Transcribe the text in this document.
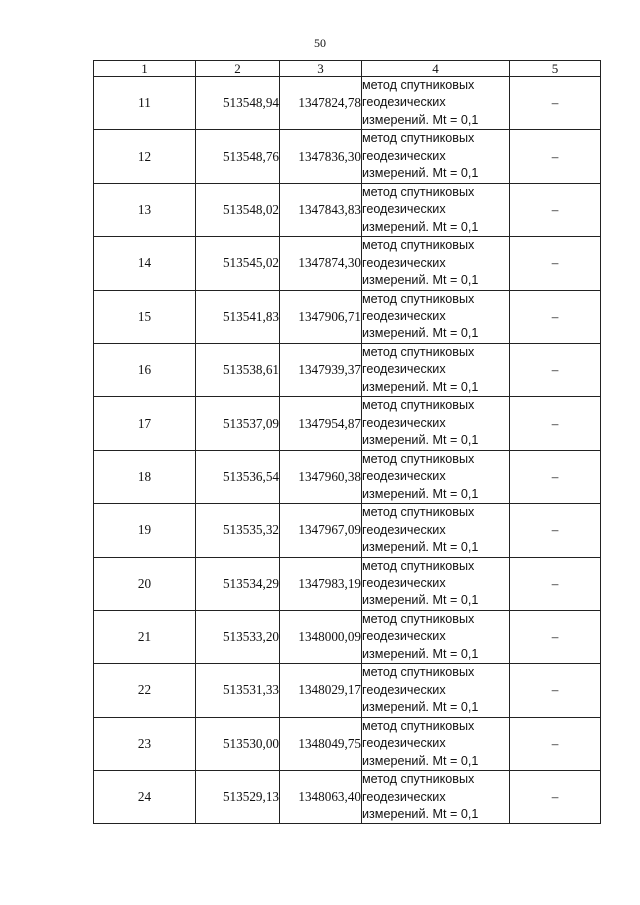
50
1	2	3	4	5
11	513548,94	1347824,78	метод спутниковых
геодезических
измерений. Mt = 0,1	–
12	513548,76	1347836,30	метод спутниковых
геодезических
измерений. Mt = 0,1	–
13	513548,02	1347843,83	метод спутниковых
геодезических
измерений. Mt = 0,1	–
14	513545,02	1347874,30	метод спутниковых
геодезических
измерений. Mt = 0,1	–
15	513541,83	1347906,71	метод спутниковых
геодезических
измерений. Mt = 0,1	–
16	513538,61	1347939,37	метод спутниковых
геодезических
измерений. Mt = 0,1	–
17	513537,09	1347954,87	метод спутниковых
геодезических
измерений. Mt = 0,1	–
18	513536,54	1347960,38	метод спутниковых
геодезических
измерений. Mt = 0,1	–
19	513535,32	1347967,09	метод спутниковых
геодезических
измерений. Mt = 0,1	–
20	513534,29	1347983,19	метод спутниковых
геодезических
измерений. Mt = 0,1	–
21	513533,20	1348000,09	метод спутниковых
геодезических
измерений. Mt = 0,1	–
22	513531,33	1348029,17	метод спутниковых
геодезических
измерений. Mt = 0,1	–
23	513530,00	1348049,75	метод спутниковых
геодезических
измерений. Mt = 0,1	–
24	513529,13	1348063,40	метод спутниковых
геодезических
измерений. Mt = 0,1	–
